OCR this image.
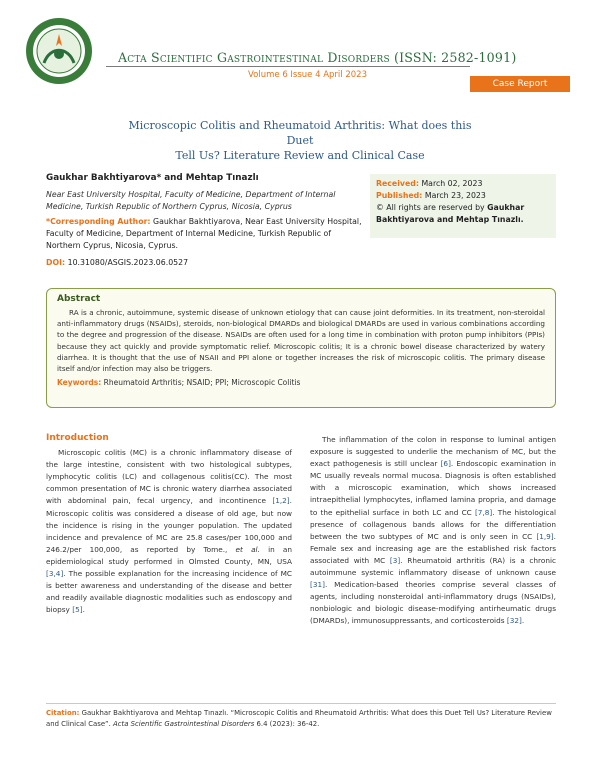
Acta Scientific Gastrointestinal Disorders (ISSN: 2582-1091)
Volume 6 Issue 4 April 2023
Case Report
Microscopic Colitis and Rheumatoid Arthritis: What does this Duet
Tell Us? Literature Review and Clinical Case
Gaukhar Bakhtiyarova* and Mehtap Tınazlı
Near East University Hospital, Faculty of Medicine, Department of Internal Medicine, Turkish Republic of Northern Cyprus, Nicosia, Cyprus
*Corresponding Author: Gaukhar Bakhtiyarova, Near East University Hospital, Faculty of Medicine, Department of Internal Medicine, Turkish Republic of Northern Cyprus, Nicosia, Cyprus.
DOI: 10.31080/ASGIS.2023.06.0527
Received: March 02, 2023
Published: March 23, 2023
© All rights are reserved by Gaukhar Bakhtiyarova and Mehtap Tınazlı.
Abstract
RA is a chronic, autoimmune, systemic disease of unknown etiology that can cause joint deformities. In its treatment, non-steroidal anti-inflammatory drugs (NSAIDs), steroids, non-biological DMARDs and biological DMARDs are used in various combinations according to the degree and progression of the disease. NSAIDs are often used for a long time in combination with proton pump inhibitors (PPIs) because they act quickly and provide symptomatic relief. Microscopic colitis; It is a chronic bowel disease characterized by watery diarrhea. It is thought that the use of NSAII and PPI alone or together increases the risk of microscopic colitis. The primary disease itself and/or infection may also be triggers.
Keywords: Rheumatoid Arthritis; NSAID; PPI; Microscopic Colitis
Introduction

Microscopic colitis (MC) is a chronic inflammatory disease of the large intestine, consistent with two histological subtypes, lymphocytic colitis (LC) and collagenous colitis(CC). The most common presentation of MC is chronic watery diarrhea associated with abdominal pain, fecal urgency, and incontinence [1,2]. Microscopic colitis was considered a disease of old age, but now the incidence is rising in the younger population. The updated incidence and prevalence of MC are 25.8 cases/per 100,000 and 246.2/per 100,000, as reported by Tome., et al. in an epidemiological study performed in Olmsted County, MN, USA [3,4]. The possible explanation for the increasing incidence of MC is better awareness and understanding of the disease and better and readily available diagnostic modalities such as endoscopy and biopsy [5].

The inflammation of the colon in response to luminal antigen exposure is suggested to underlie the mechanism of MC, but the exact pathogenesis is still unclear [6]. Endoscopic examination in MC usually reveals normal mucosa. Diagnosis is often established with a microscopic examination, which shows increased intraepithelial lymphocytes, inflamed lamina propria, and damage to the epithelial surface in both LC and CC [7,8]. The histological presence of collagenous bands allows for the differentiation between the two subtypes of MC and is only seen in CC [1,9]. Female sex and increasing age are the established risk factors associated with MC [3]. Rheumatoid arthritis (RA) is a chronic autoimmune systemic inflammatory disease of unknown cause [31]. Medication-based theories comprise several classes of agents, including nonsteroidal anti-inflammatory drugs (NSAIDs), nonbiologic and biologic disease-modifying antirheumatic drugs (DMARDs), immunosuppressants, and corticosteroids [32].

Citation: Gaukhar Bakhtiyarova and Mehtap Tınazlı. “Microscopic Colitis and Rheumatoid Arthritis: What does this Duet Tell Us? Literature Review and Clinical Case”. Acta Scientific Gastrointestinal Disorders 6.4 (2023): 36-42.
